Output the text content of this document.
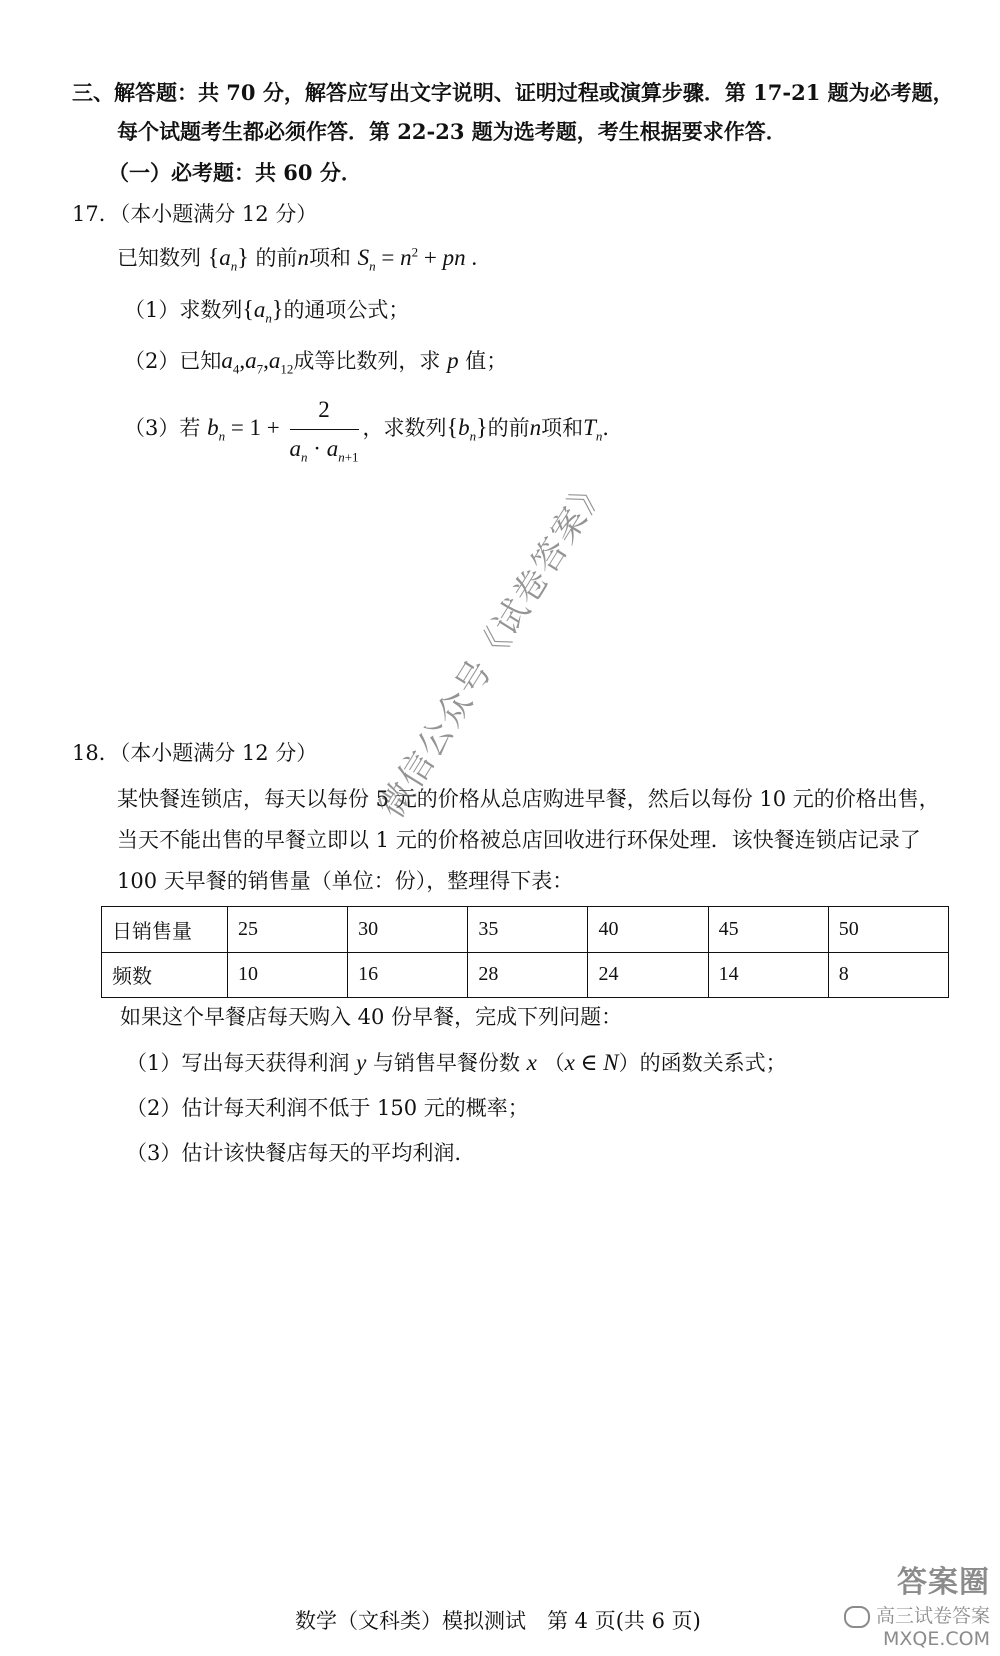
三、解答题：共 70 分，解答应写出文字说明、证明过程或演算步骤．第 17-21 题为必考题，
每个试题考生都必须作答．第 22-23 题为选考题，考生根据要求作答．
（一）必考题：共 60 分．
17．（本小题满分 12 分）
已知数列 $\{a_n\}$ 的前n项和 $S_n = n^2$ + pn .
（1）求数列$\{a_n\}$的通项公式；
（2）已知$a_4,a_7,a_{12}$成等比数列，求 p 值；
（3）若 $b_n = 1 + \frac{2}{a_n \cdot a_{n+1}}$ ，求数列$\{b_n\}$的前n项和$T_n$．
18．（本小题满分 12 分）
某快餐连锁店，每天以每份 5 元的价格从总店购进早餐，然后以每份 10 元的价格出售，
当天不能出售的早餐立即以 1 元的价格被总店回收进行环保处理．该快餐连锁店记录了
100 天早餐的销售量（单位：份），整理得下表：
日销售量	25	30	35	40	45	50
频数	10	16	28	24	14	8
如果这个早餐店每天购入 40 份早餐，完成下列问题：
（1）写出每天获得利润 y 与销售早餐份数 x （x ∈ N）的函数关系式；
（2）估计每天利润不低于 150 元的概率；
（3）估计该快餐店每天的平均利润.
微信公众号《试卷答案》
数学（文科类）模拟测试　第 4 页(共 6 页)
答案圈
高三试卷答案
MXQE.COM
